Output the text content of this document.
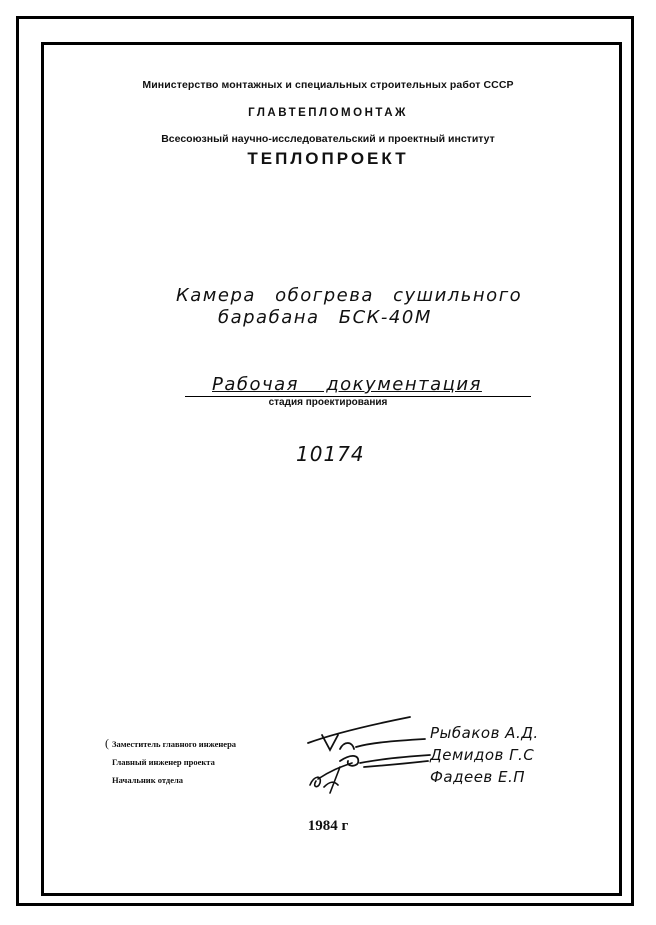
Министерство монтажных и специальных строительных работ СССР
ГЛАВТЕПЛОМОНТАЖ
Всесоюзный научно-исследовательский и проектный институт
ТЕПЛОПРОЕКТ
Камера обогрева сушильного
барабана БСК-40М
Рабочая документация
стадия проектирования
10174
( Заместитель главного инженера
Главный инженер проекта
Начальник отдела
Рыбаков А.Д.
Демидов Г.С
Фадеев Е.П
1984 г
